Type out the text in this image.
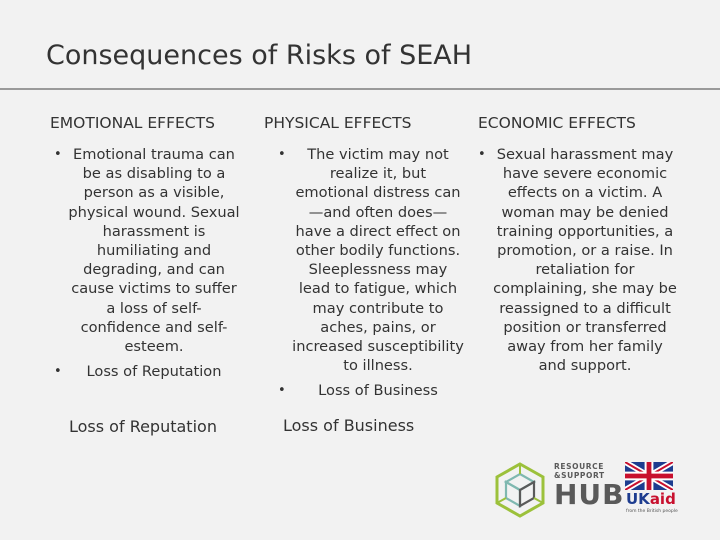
Consequences of Risks of SEAH
EMOTIONAL EFFECTS
• Emotional trauma can be as disabling to a person as a visible, physical wound. Sexual harassment is humiliating and degrading, and can cause victims to suffer a loss of self-confidence and self-esteem.
• Loss of Reputation
PHYSICAL EFFECTS
• The victim may not realize it, but emotional distress can—and often does—have a direct effect on other bodily functions. Sleeplessness may lead to fatigue, which may contribute to aches, pains, or increased susceptibility to illness.
• Loss of Business
ECONOMIC EFFECTS
• Sexual harassment may have severe economic effects on a victim. A woman may be denied training opportunities, a promotion, or a raise. In retaliation for complaining, she may be reassigned to a difficult position or transferred away from her family and support.
Loss of Reputation	Loss of Business
RESOURCE
&SUPPORT
HUB UKaid
from the British people
